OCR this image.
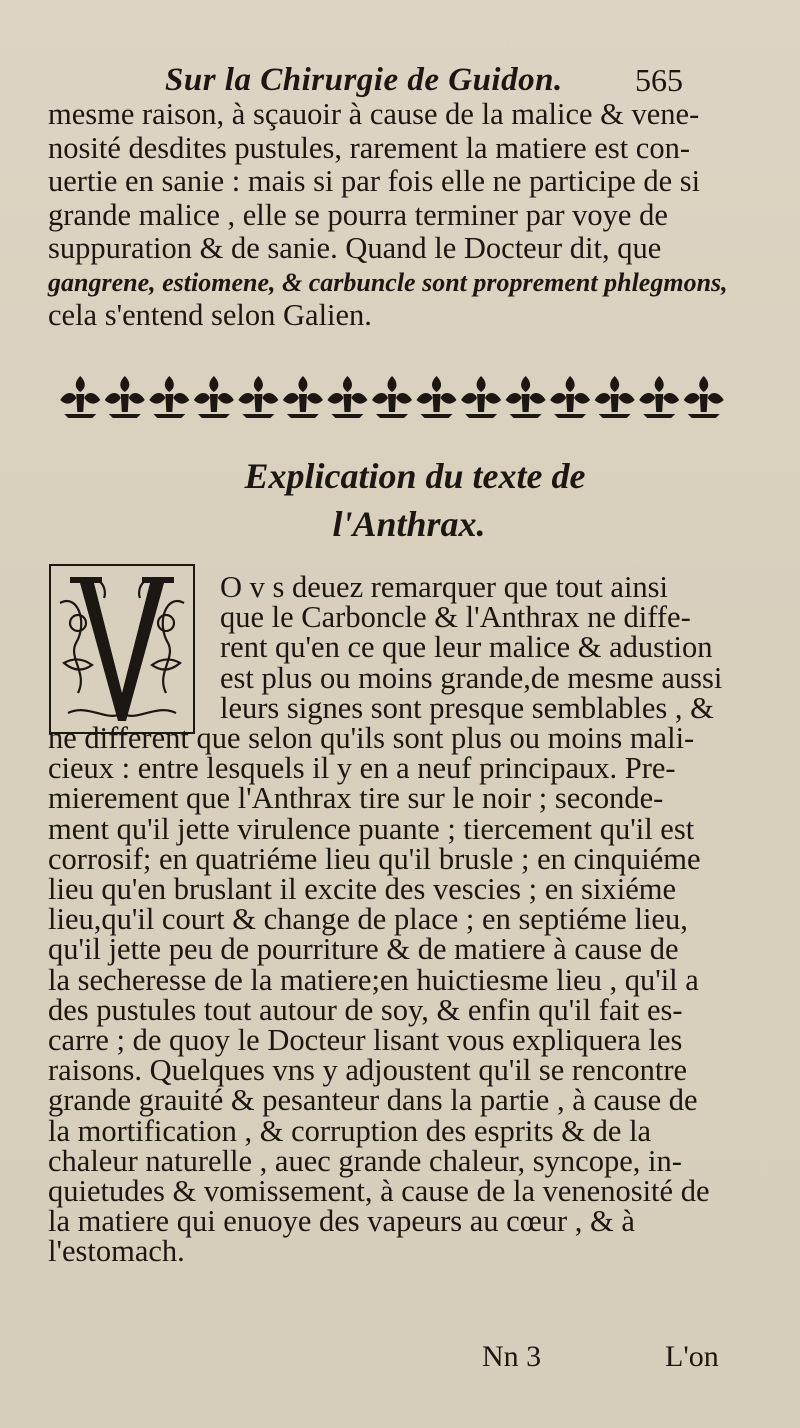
Sur la Chirurgie de Guidon. 565
mesme raison, à sçauoir à cause de la malice & vene-
nosité desdites pustules, rarement la matiere est con-
uertie en sanie : mais si par fois elle ne participe de si
grande malice , elle se pourra terminer par voye de
suppuration & de sanie. Quand le Docteur dit, que
gangrene, estiomene, & carbuncle sont proprement phlegmons,
cela s'entend selon Galien.
Explication du texte de
l'Anthrax.
O v s deuez remarquer que tout ainsi
que le Carboncle & l'Anthrax ne diffe-
rent qu'en ce que leur malice & adustion
est plus ou moins grande,de mesme aussi
leurs signes sont presque semblables , &
ne different que selon qu'ils sont plus ou moins mali-
cieux : entre lesquels il y en a neuf principaux. Pre-
mierement que l'Anthrax tire sur le noir ; seconde-
ment qu'il jette virulence puante ; tiercement qu'il est
corrosif; en quatriéme lieu qu'il brusle ; en cinquiéme
lieu qu'en bruslant il excite des vescies ; en sixiéme
lieu,qu'il court & change de place ; en septiéme lieu,
qu'il jette peu de pourriture & de matiere à cause de
la secheresse de la matiere;en huictiesme lieu , qu'il a
des pustules tout autour de soy, & enfin qu'il fait es-
carre ; de quoy le Docteur lisant vous expliquera les
raisons. Quelques vns y adjoustent qu'il se rencontre
grande grauité & pesanteur dans la partie , à cause de
la mortification , & corruption des esprits & de la
chaleur naturelle , auec grande chaleur, syncope, in-
quietudes & vomissement, à cause de la venenosité de
la matiere qui enuoye des vapeurs au cœur , & à
l'estomach.
Nn 3	L'on
